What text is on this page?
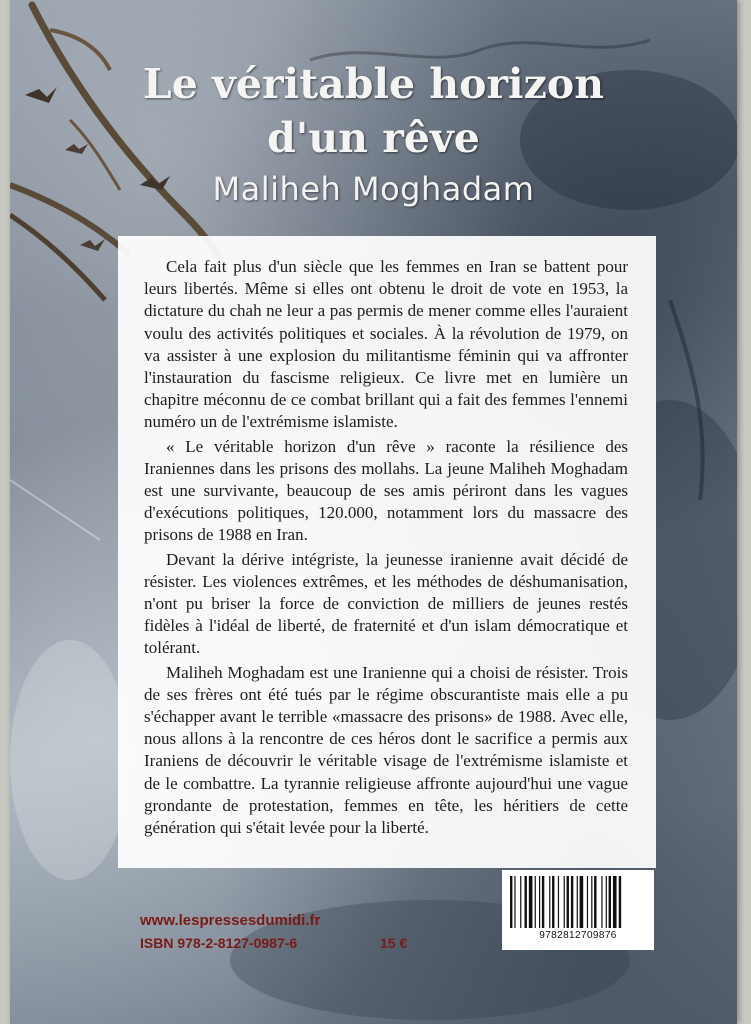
Le véritable horizon
d'un rêve
Maliheh Moghadam

Cela fait plus d'un siècle que les femmes en Iran se battent pour leurs libertés. Même si elles ont obtenu le droit de vote en 1953, la dictature du chah ne leur a pas permis de mener comme elles l'auraient voulu des activités politiques et sociales. À la révolution de 1979, on va assister à une explosion du militantisme féminin qui va affronter l'instauration du fascisme religieux. Ce livre met en lumière un chapitre méconnu de ce combat brillant qui a fait des femmes l'ennemi numéro un de l'extrémisme islamiste.

« Le véritable horizon d'un rêve » raconte la résilience des Iraniennes dans les prisons des mollahs. La jeune Maliheh Moghadam est une survivante, beaucoup de ses amis périront dans les vagues d'exécutions politiques, 120.000, notamment lors du massacre des prisons de 1988 en Iran.

Devant la dérive intégriste, la jeunesse iranienne avait décidé de résister. Les violences extrêmes, et les méthodes de déshumanisation, n'ont pu briser la force de conviction de milliers de jeunes restés fidèles à l'idéal de liberté, de fraternité et d'un islam démocratique et tolérant.

Maliheh Moghadam est une Iranienne qui a choisi de résister. Trois de ses frères ont été tués par le régime obscurantiste mais elle a pu s'échapper avant le terrible «massacre des prisons» de 1988. Avec elle, nous allons à la rencontre de ces héros dont le sacrifice a permis aux Iraniens de découvrir le véritable visage de l'extrémisme islamiste et de le combattre. La tyrannie religieuse affronte aujourd'hui une vague grondante de protestation, femmes en tête, les héritiers de cette génération qui s'était levée pour la liberté.

www.lespressesdumidi.fr
ISBN 978-2-8127-0987-6	15 €	9782812709876
